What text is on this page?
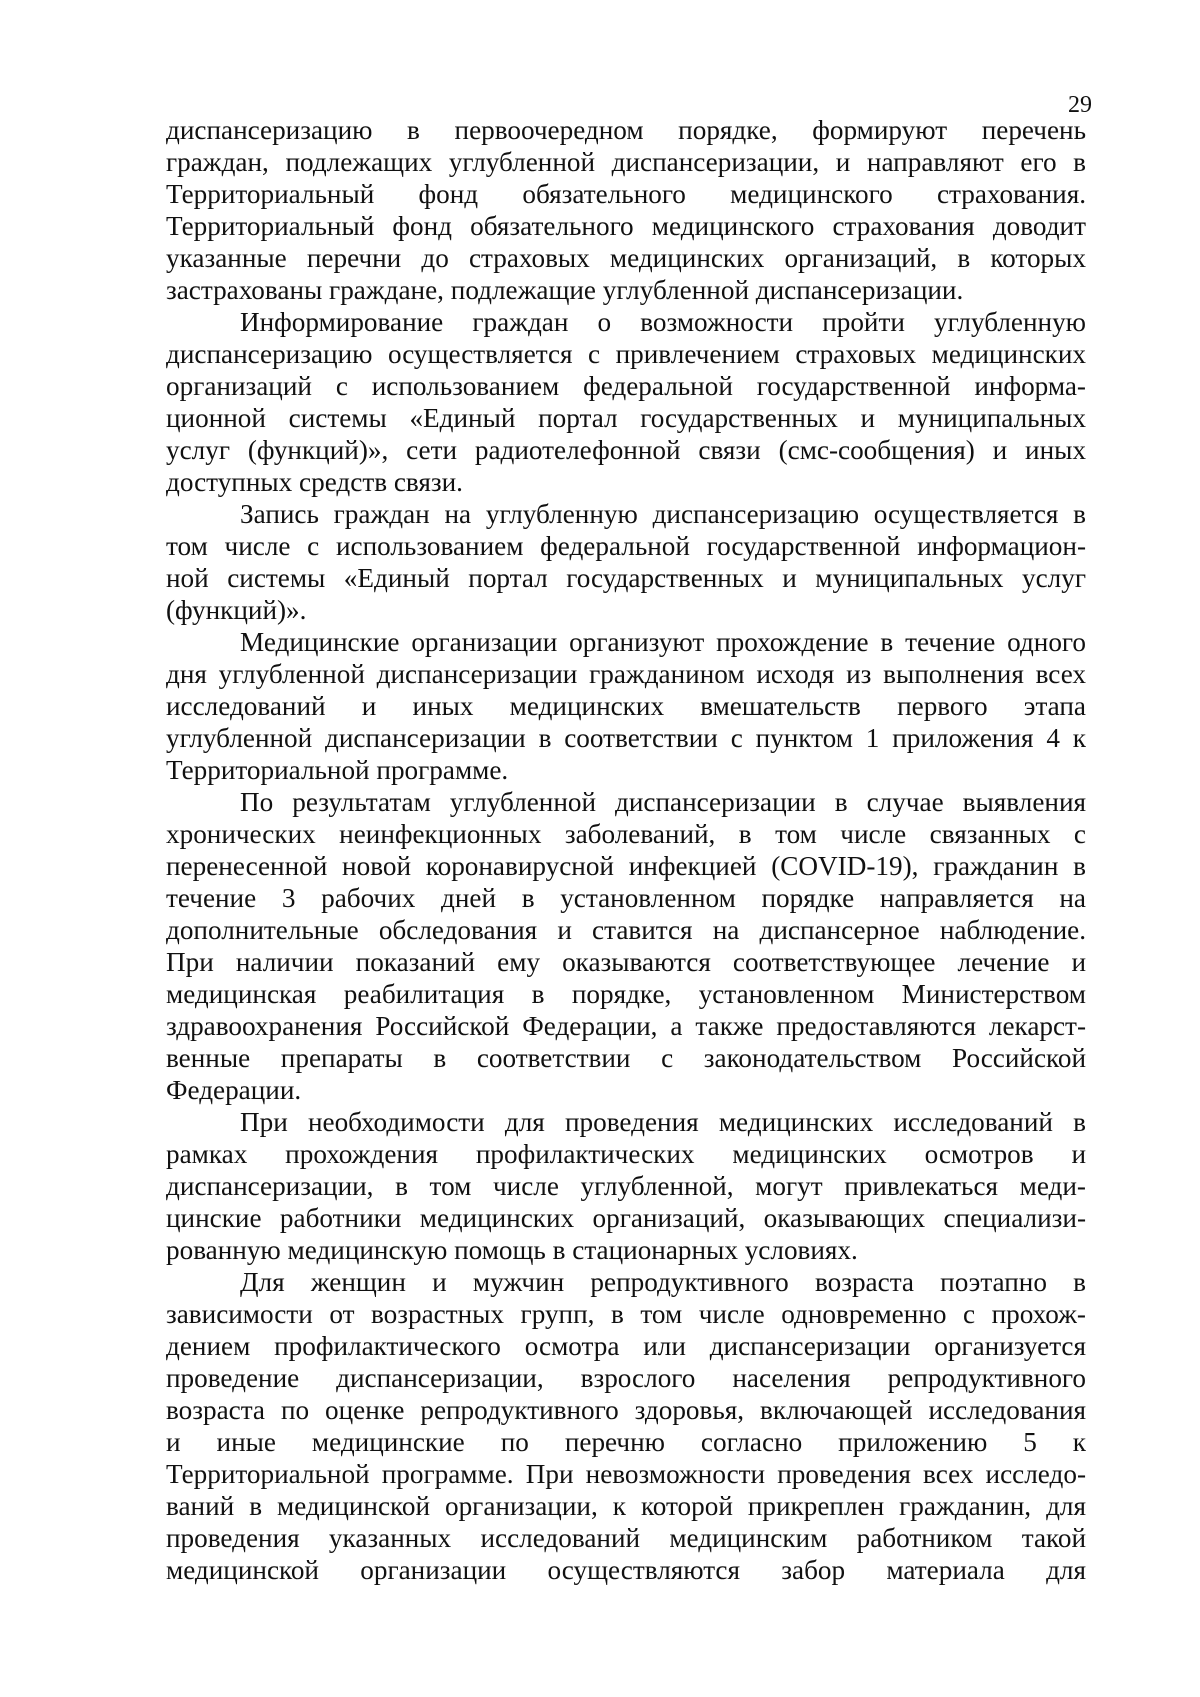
29
диспансеризацию в первоочередном порядке, формируют перечень
граждан, подлежащих углубленной диспансеризации, и направляют его в
Территориальный фонд обязательного медицинского страхования.
Территориальный фонд обязательного медицинского страхования доводит
указанные перечни до страховых медицинских организаций, в которых
застрахованы граждане, подлежащие углубленной диспансеризации.
Информирование граждан о возможности пройти углубленную
диспансеризацию осуществляется с привлечением страховых медицинских
организаций с использованием федеральной государственной информа-
ционной системы «Единый портал государственных и муниципальных
услуг (функций)», сети радиотелефонной связи (смс-сообщения) и иных
доступных средств связи.
Запись граждан на углубленную диспансеризацию осуществляется в
том числе с использованием федеральной государственной информацион-
ной системы «Единый портал государственных и муниципальных услуг
(функций)».
Медицинские организации организуют прохождение в течение одного
дня углубленной диспансеризации гражданином исходя из выполнения всех
исследований и иных медицинских вмешательств первого этапа
углубленной диспансеризации в соответствии с пунктом 1 приложения 4 к
Территориальной программе.
По результатам углубленной диспансеризации в случае выявления
хронических неинфекционных заболеваний, в том числе связанных с
перенесенной новой коронавирусной инфекцией (COVID-19), гражданин в
течение 3 рабочих дней в установленном порядке направляется на
дополнительные обследования и ставится на диспансерное наблюдение.
При наличии показаний ему оказываются соответствующее лечение и
медицинская реабилитация в порядке, установленном Министерством
здравоохранения Российской Федерации, а также предоставляются лекарст-
венные препараты в соответствии с законодательством Российской
Федерации.
При необходимости для проведения медицинских исследований в
рамках прохождения профилактических медицинских осмотров и
диспансеризации, в том числе углубленной, могут привлекаться меди-
цинские работники медицинских организаций, оказывающих специализи-
рованную медицинскую помощь в стационарных условиях.
Для женщин и мужчин репродуктивного возраста поэтапно в
зависимости от возрастных групп, в том числе одновременно с прохож-
дением профилактического осмотра или диспансеризации организуется
проведение диспансеризации, взрослого населения репродуктивного
возраста по оценке репродуктивного здоровья, включающей исследования
и иные медицинские по перечню согласно приложению 5 к
Территориальной программе. При невозможности проведения всех исследо-
ваний в медицинской организации, к которой прикреплен гражданин, для
проведения указанных исследований медицинским работником такой
медицинской организации осуществляются забор материала для
